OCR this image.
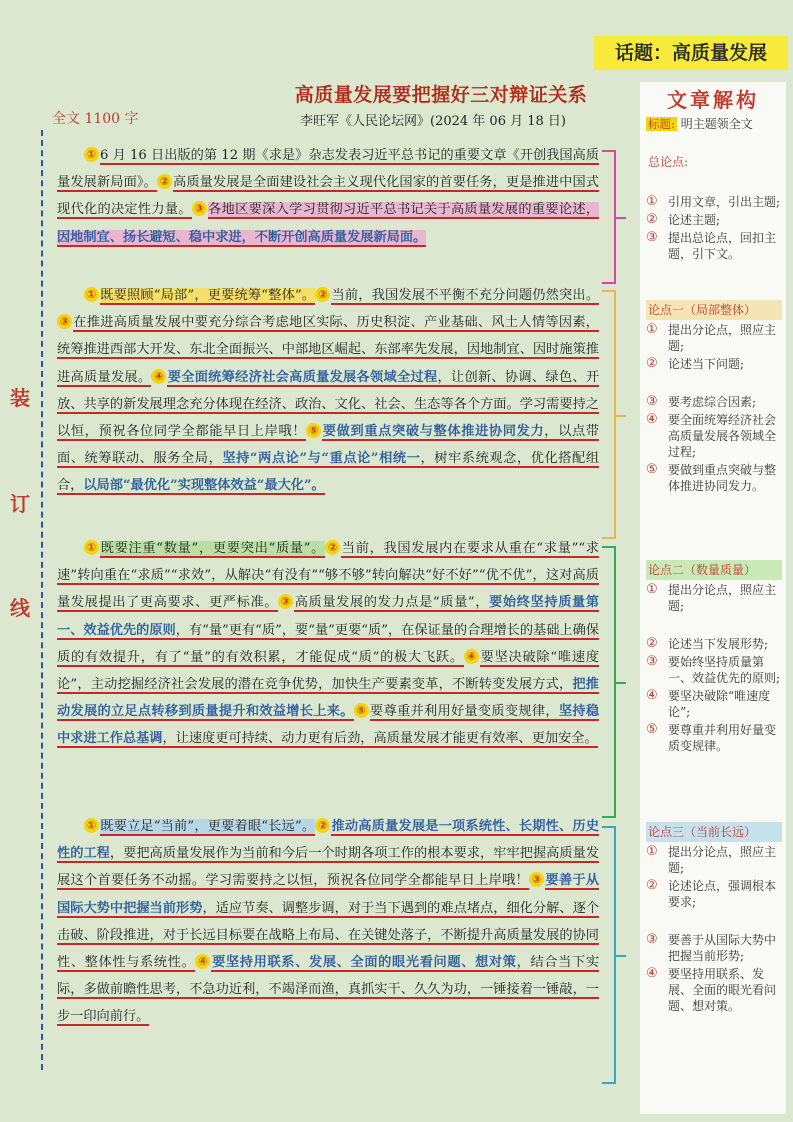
话题：高质量发展
高质量发展要把握好三对辩证关系
李旺军《人民论坛网》(2024 年 06 月 18 日)
全文 1100 字
装
订
线

① 6 月 16 日出版的第 12 期《求是》杂志发表习近平总书记的重要文章《开创我国高质量发展新局面》。 ② 高质量发展是全面建设社会主义现代化国家的首要任务，更是推进中国式现代化的决定性力量。 ③ 各地区要深入学习贯彻习近平总书记关于高质量发展的重要论述，因地制宜、扬长避短、稳中求进，不断开创高质量发展新局面。

① 既要照顾“局部”，更要统筹“整体”。 ② 当前，我国发展不平衡不充分问题仍然突出。③ 在推进高质量发展中要充分综合考虑地区实际、历史积淀、产业基础、风土人情等因素，统筹推进西部大开发、东北全面振兴、中部地区崛起、东部率先发展，因地制宜、因时施策推进高质量发展。 ④ 要全面统筹经济社会高质量发展各领域全过程，让创新、协调、绿色、开放、共享的新发展理念充分体现在经济、政治、文化、社会、生态等各个方面。学习需要持之以恒，预祝各位同学全都能早日上岸哦！ ⑤ 要做到重点突破与整体推进协同发力，以点带面、统筹联动、服务全局，坚持“两点论”与“重点论”相统一，树牢系统观念，优化搭配组合，以局部“最优化”实现整体效益“最大化”。

① 既要注重“数量”，更要突出“质量”。 ② 当前，我国发展内在要求从重在“求量”“求速”转向重在“求质”“求效”，从解决“有没有”“够不够”转向解决“好不好”“优不优”，这对高质量发展提出了更高要求、更严标准。 ③ 高质量发展的发力点是“质量”，要始终坚持质量第一、效益优先的原则，有“量”更有“质”，要“量”更要“质”，在保证量的合理增长的基础上确保质的有效提升，有了“量”的有效积累，才能促成“质”的极大飞跃。 ④ 要坚决破除“唯速度论”，主动挖掘经济社会发展的潜在竞争优势，加快生产要素变革，不断转变发展方式，把推动发展的立足点转移到质量提升和效益增长上来。 ⑤ 要尊重并利用好量变质变规律，坚持稳中求进工作总基调，让速度更可持续、动力更有后劲，高质量发展才能更有效率、更加安全。

① 既要立足“当前”，更要着眼“长远”。 ② 推动高质量发展是一项系统性、长期性、历史性的工程，要把高质量发展作为当前和今后一个时期各项工作的根本要求，牢牢把握高质量发展这个首要任务不动摇。学习需要持之以恒，预祝各位同学全都能早日上岸哦！ ③ 要善于从国际大势中把握当前形势，适应节奏、调整步调，对于当下遇到的难点堵点，细化分解、逐个击破、阶段推进，对于长远目标要在战略上布局、在关键处落子，不断提升高质量发展的协同性、整体性与系统性。 ④ 要坚持用联系、发展、全面的眼光看问题、想对策，结合当下实际，多做前瞻性思考，不急功近利，不竭泽而渔，真抓实干、久久为功，一锤接着一锤敲，一步一印向前行。

文章解构
标题: 明主题领全文
总论点:
① 引用文章，引出主题;
② 论述主题;
③ 提出总论点，回扣主题，引下文。
论点一（局部整体）
① 提出分论点，照应主题;
② 论述当下问题;
③ 要考虑综合因素;
④ 要全面统筹经济社会高质量发展各领域全过程;
⑤ 要做到重点突破与整体推进协同发力。
论点二（数量质量）
① 提出分论点，照应主题;
② 论述当下发展形势;
③ 要始终坚持质量第一、效益优先的原则;
④ 要坚决破除“唯速度论”;
⑤ 要尊重并利用好量变质变规律。
论点三（当前长远）
① 提出分论点，照应主题;
② 论述论点，强调根本要求;
③ 要善于从国际大势中把握当前形势;
④ 要坚持用联系、发展、全面的眼光看问题、想对策。
